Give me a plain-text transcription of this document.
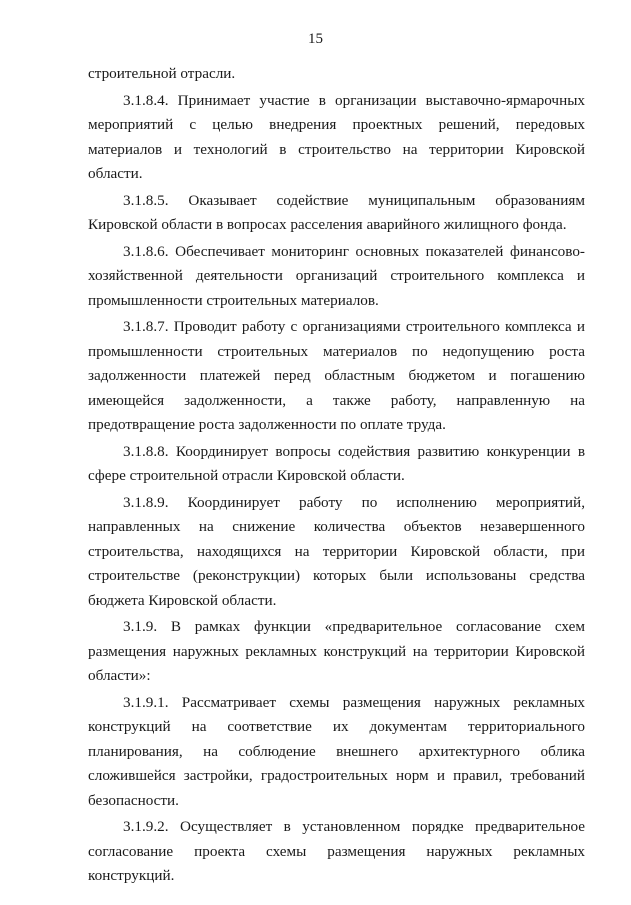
15

строительной отрасли.

3.1.8.4. Принимает участие в организации выставочно-ярмарочных мероприятий с целью внедрения проектных решений, передовых материалов и технологий в строительство на территории Кировской области.

3.1.8.5. Оказывает содействие муниципальным образованиям Кировской области в вопросах расселения аварийного жилищного фонда.

3.1.8.6. Обеспечивает мониторинг основных показателей финансово-хозяйственной деятельности организаций строительного комплекса и промышленности строительных материалов.

3.1.8.7. Проводит работу с организациями строительного комплекса и промышленности строительных материалов по недопущению роста задолженности платежей перед областным бюджетом и погашению имеющейся задолженности, а также работу, направленную на предотвращение роста задолженности по оплате труда.

3.1.8.8. Координирует вопросы содействия развитию конкуренции в сфере строительной отрасли Кировской области.

3.1.8.9. Координирует работу по исполнению мероприятий, направленных на снижение количества объектов незавершенного строительства, находящихся на территории Кировской области, при строительстве (реконструкции) которых были использованы средства бюджета Кировской области.

3.1.9. В рамках функции «предварительное согласование схем размещения наружных рекламных конструкций на территории Кировской области»:

3.1.9.1. Рассматривает схемы размещения наружных рекламных конструкций на соответствие их документам территориального планирования, на соблюдение внешнего архитектурного облика сложившейся застройки, градостроительных норм и правил, требований безопасности.

3.1.9.2. Осуществляет в установленном порядке предварительное согласование проекта схемы размещения наружных рекламных конструкций.
